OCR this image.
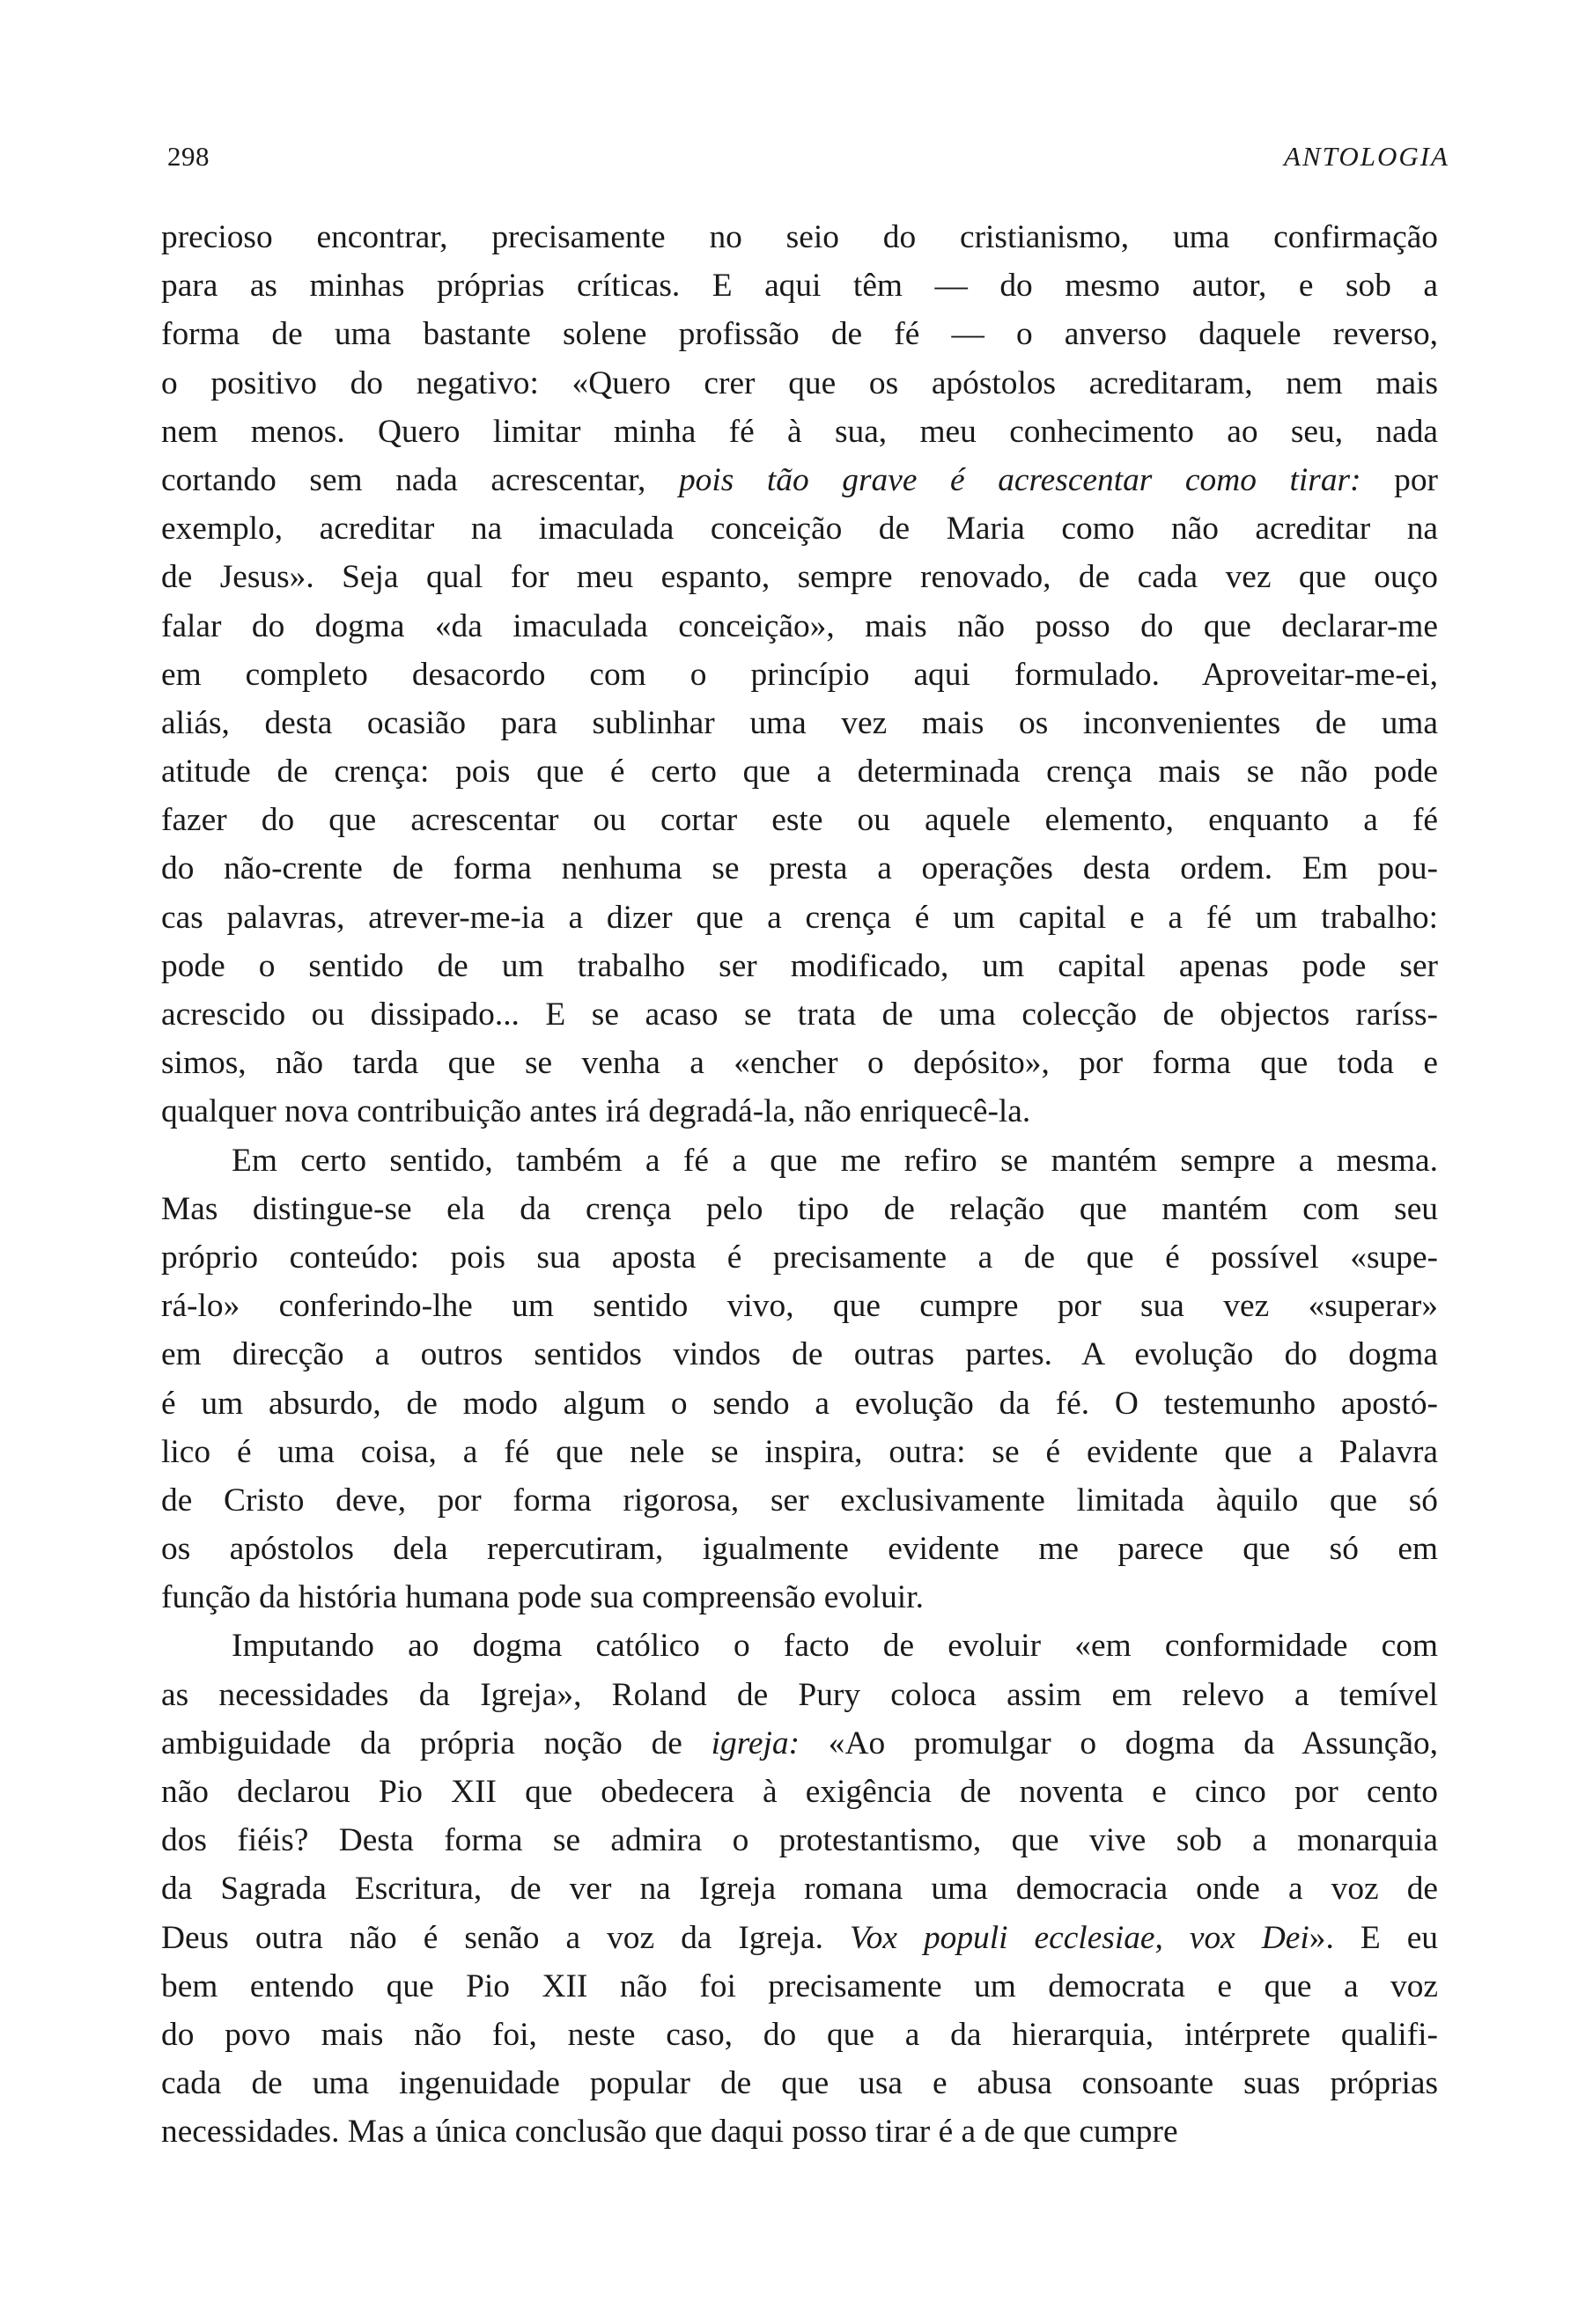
298	ANTOLOGIA
precioso encontrar, precisamente no seio do cristianismo, uma confirmação
para as minhas próprias críticas. E aqui têm — do mesmo autor, e sob a
forma de uma bastante solene profissão de fé — o anverso daquele reverso,
o positivo do negativo: «Quero crer que os apóstolos acreditaram, nem mais
nem menos. Quero limitar minha fé à sua, meu conhecimento ao seu, nada
cortando sem nada acrescentar, pois tão grave é acrescentar como tirar: por
exemplo, acreditar na imaculada conceição de Maria como não acreditar na
de Jesus». Seja qual for meu espanto, sempre renovado, de cada vez que ouço
falar do dogma «da imaculada conceição», mais não posso do que declarar-me
em completo desacordo com o princípio aqui formulado. Aproveitar-me-ei,
aliás, desta ocasião para sublinhar uma vez mais os inconvenientes de uma
atitude de crença: pois que é certo que a determinada crença mais se não pode
fazer do que acrescentar ou cortar este ou aquele elemento, enquanto a fé
do não-crente de forma nenhuma se presta a operações desta ordem. Em pou-
cas palavras, atrever-me-ia a dizer que a crença é um capital e a fé um trabalho:
pode o sentido de um trabalho ser modificado, um capital apenas pode ser
acrescido ou dissipado... E se acaso se trata de uma colecção de objectos raríss-
simos, não tarda que se venha a «encher o depósito», por forma que toda e
qualquer nova contribuição antes irá degradá-la, não enriquecê-la.
Em certo sentido, também a fé a que me refiro se mantém sempre a mesma.
Mas distingue-se ela da crença pelo tipo de relação que mantém com seu
próprio conteúdo: pois sua aposta é precisamente a de que é possível «supe-
rá-lo» conferindo-lhe um sentido vivo, que cumpre por sua vez «superar»
em direcção a outros sentidos vindos de outras partes. A evolução do dogma
é um absurdo, de modo algum o sendo a evolução da fé. O testemunho apostó-
lico é uma coisa, a fé que nele se inspira, outra: se é evidente que a Palavra
de Cristo deve, por forma rigorosa, ser exclusivamente limitada àquilo que só
os apóstolos dela repercutiram, igualmente evidente me parece que só em
função da história humana pode sua compreensão evoluir.
Imputando ao dogma católico o facto de evoluir «em conformidade com
as necessidades da Igreja», Roland de Pury coloca assim em relevo a temível
ambiguidade da própria noção de igreja: «Ao promulgar o dogma da Assunção,
não declarou Pio XII que obedecera à exigência de noventa e cinco por cento
dos fiéis? Desta forma se admira o protestantismo, que vive sob a monarquia
da Sagrada Escritura, de ver na Igreja romana uma democracia onde a voz de
Deus outra não é senão a voz da Igreja. Vox populi ecclesiae, vox Dei». E eu
bem entendo que Pio XII não foi precisamente um democrata e que a voz
do povo mais não foi, neste caso, do que a da hierarquia, intérprete qualifi-
cada de uma ingenuidade popular de que usa e abusa consoante suas próprias
necessidades. Mas a única conclusão que daqui posso tirar é a de que cumpre
